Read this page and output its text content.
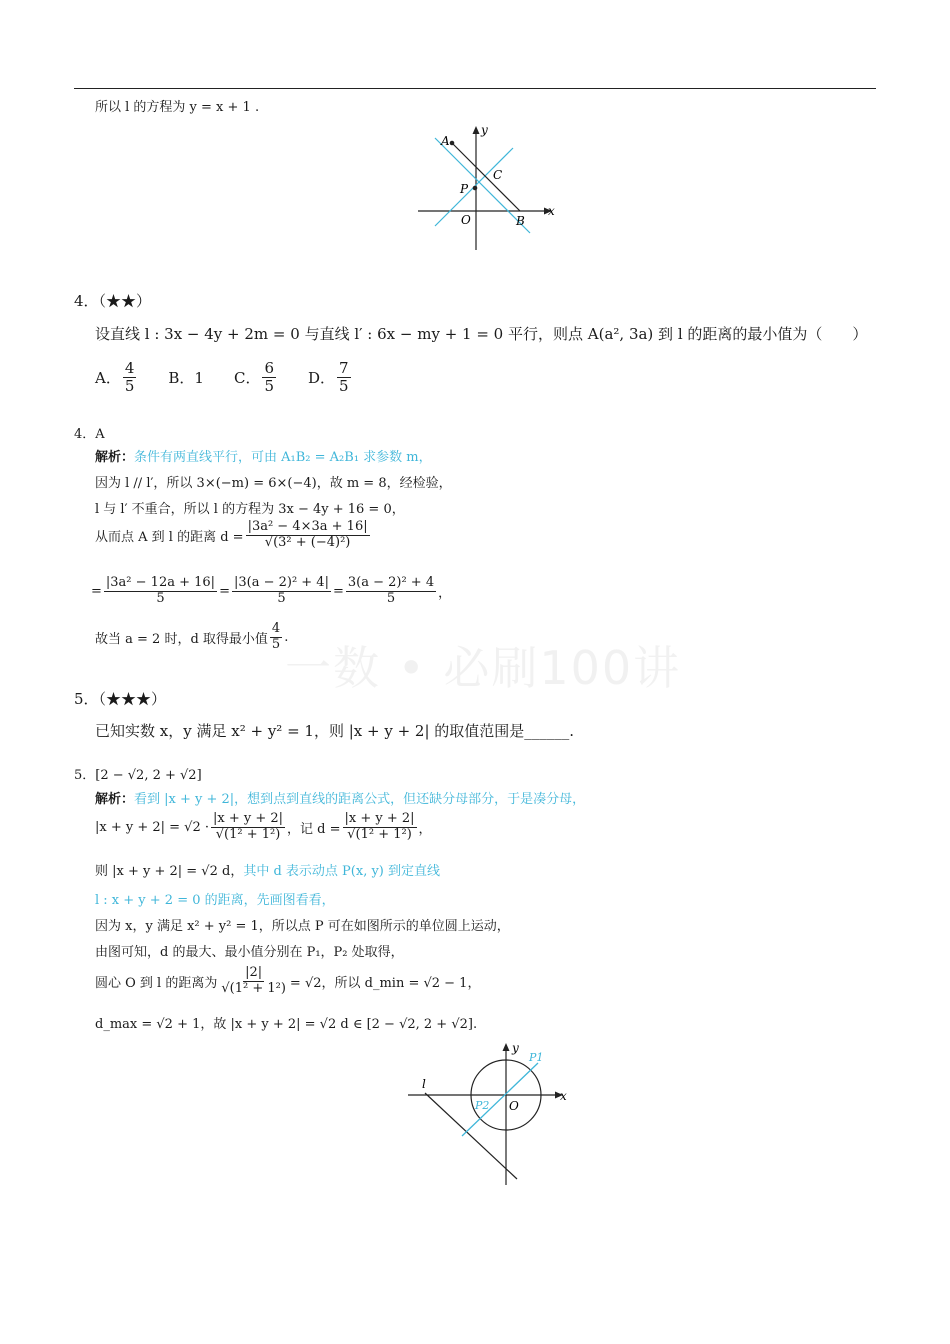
一数 • 必刷100讲
所以 l 的方程为 y = x + 1 .
A
y
C
P
O	B
x
4．（★★）
设直线 l : 3x − 4y + 2m = 0 与直线 l′ : 6x − my + 1 = 0 平行，则点 A(a², 3a) 到 l 的距离的最小值为（　　）
A． $\frac{4}{5}$ B．1 C． $\frac{6}{5}$ D． $\frac{7}{5}$
4．A
解析：条件有两直线平行，可由 A₁B₂ = A₂B₁ 求参数 m，
因为 l // l′，所以 3×(−m) = 6×(−4)，故 m = 8，经检验，
l 与 l′ 不重合，所以 l 的方程为 3x − 4y + 16 = 0，
从而点 A 到 l 的距离 $d = \frac{\text{|3a² − 4×3a + 16|}}{\text{√(3² + (−4)²)}}$
= $\frac{\text{|3a² − 12a + 16|}}{5} = \frac{\text{|3(a − 2)² + 4|}}{5} = \frac{\text{3(a − 2)² + 4}}{5}$ ，
故当 a = 2 时，d 取得最小值 $\frac{4}{5}$ .
5．（★★★）
已知实数 x，y 满足 x² + y² = 1，则 |x + y + 2| 的取值范围是______.
5．[2 − √2, 2 + √2]
解析：看到 |x + y + 2|，想到点到直线的距离公式，但还缺分母部分，于是凑分母，
$|x + y + 2| = √2 \cdot \frac{|x + y + 2|}{\text{√(1² + 1²)}}$ ，记 $d = \frac{|x + y + 2|}{\text{√(1² + 1²)}}$ ，
则 |x + y + 2| = √2 d，其中 d 表示动点 P(x, y) 到定直线
l : x + y + 2 = 0 的距离，先画图看看，
因为 x，y 满足 x² + y² = 1，所以点 P 可在如图所示的单位圆上运动，
由图可知，d 的最大、最小值分别在 P₁，P₂ 处取得，
圆心 O 到 l 的距离为 $\frac{|2|}{\text{√(1² + 1²)}} = √2$，所以 d_min = √2 − 1，
d_max = √2 + 1，故 |x + y + 2| = √2 d ∈ [2 − √2, 2 + √2].
y
P1
l
O
P2
x
